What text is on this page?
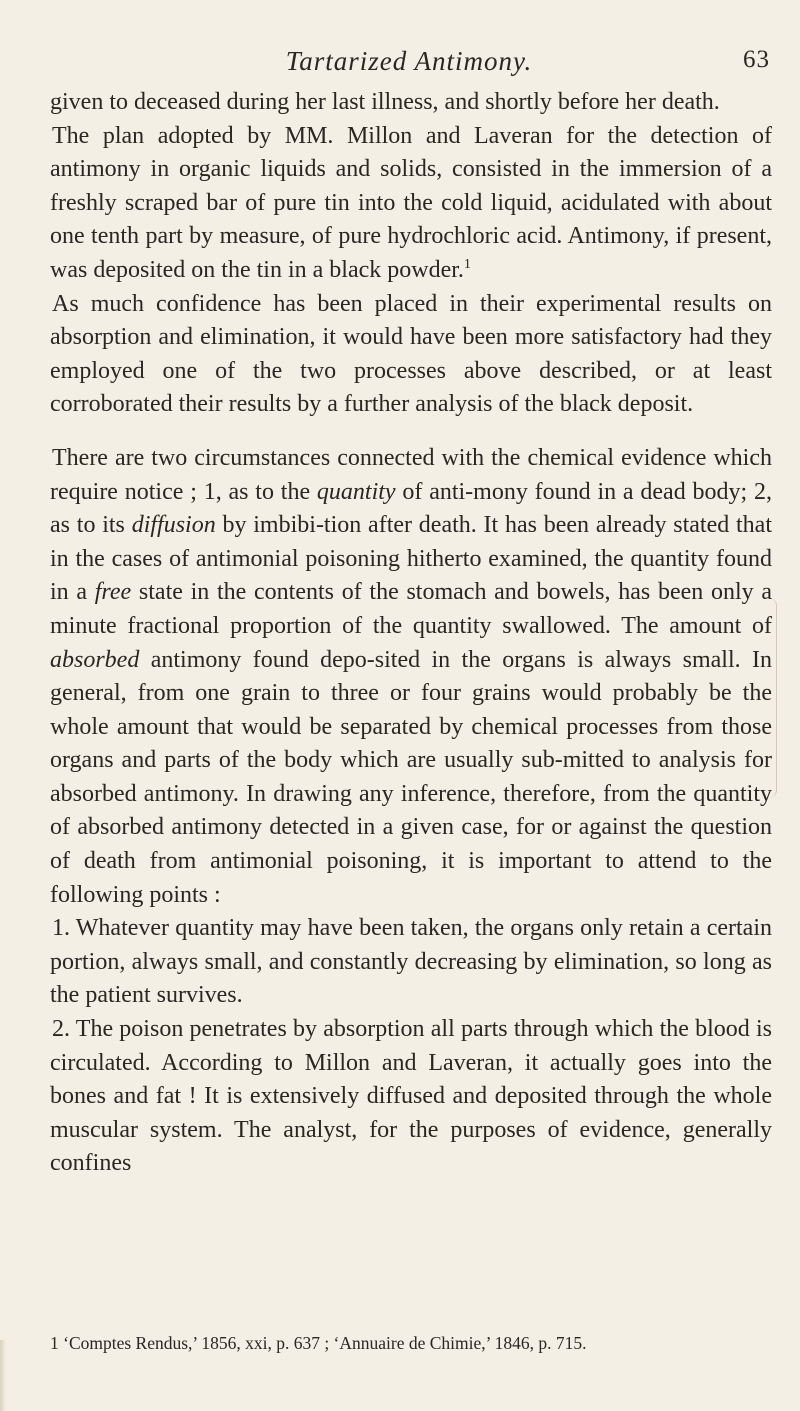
Tartarized Antimony.	63

given to deceased during her last illness, and shortly before her death.

The plan adopted by MM. Millon and Laveran for the detection of antimony in organic liquids and solids, consisted in the immersion of a freshly scraped bar of pure tin into the cold liquid, acidulated with about one tenth part by measure, of pure hydrochloric acid. Antimony, if present, was deposited on the tin in a black powder.$^1$

As much confidence has been placed in their experimental results on absorption and elimination, it would have been more satisfactory had they employed one of the two processes above described, or at least corroborated their results by a further analysis of the black deposit.

There are two circumstances connected with the chemical evidence which require notice ; 1, as to the quantity of anti-mony found in a dead body; 2, as to its diffusion by imbibi-tion after death. It has been already stated that in the cases of antimonial poisoning hitherto examined, the quantity found in a free state in the contents of the stomach and bowels, has been only a minute fractional proportion of the quantity swallowed. The amount of absorbed antimony found depo-sited in the organs is always small. In general, from one grain to three or four grains would probably be the whole amount that would be separated by chemical processes from those organs and parts of the body which are usually sub-mitted to analysis for absorbed antimony. In drawing any inference, therefore, from the quantity of absorbed antimony detected in a given case, for or against the question of death from antimonial poisoning, it is important to attend to the following points :

1. Whatever quantity may have been taken, the organs only retain a certain portion, always small, and constantly decreasing by elimination, so long as the patient survives.

2. The poison penetrates by absorption all parts through which the blood is circulated. According to Millon and Laveran, it actually goes into the bones and fat ! It is extensively diffused and deposited through the whole muscular system. The analyst, for the purposes of evidence, generally confines

1 ‘Comptes Rendus,’ 1856, xxi, p. 637 ; ‘Annuaire de Chimie,’ 1846, p. 715.
